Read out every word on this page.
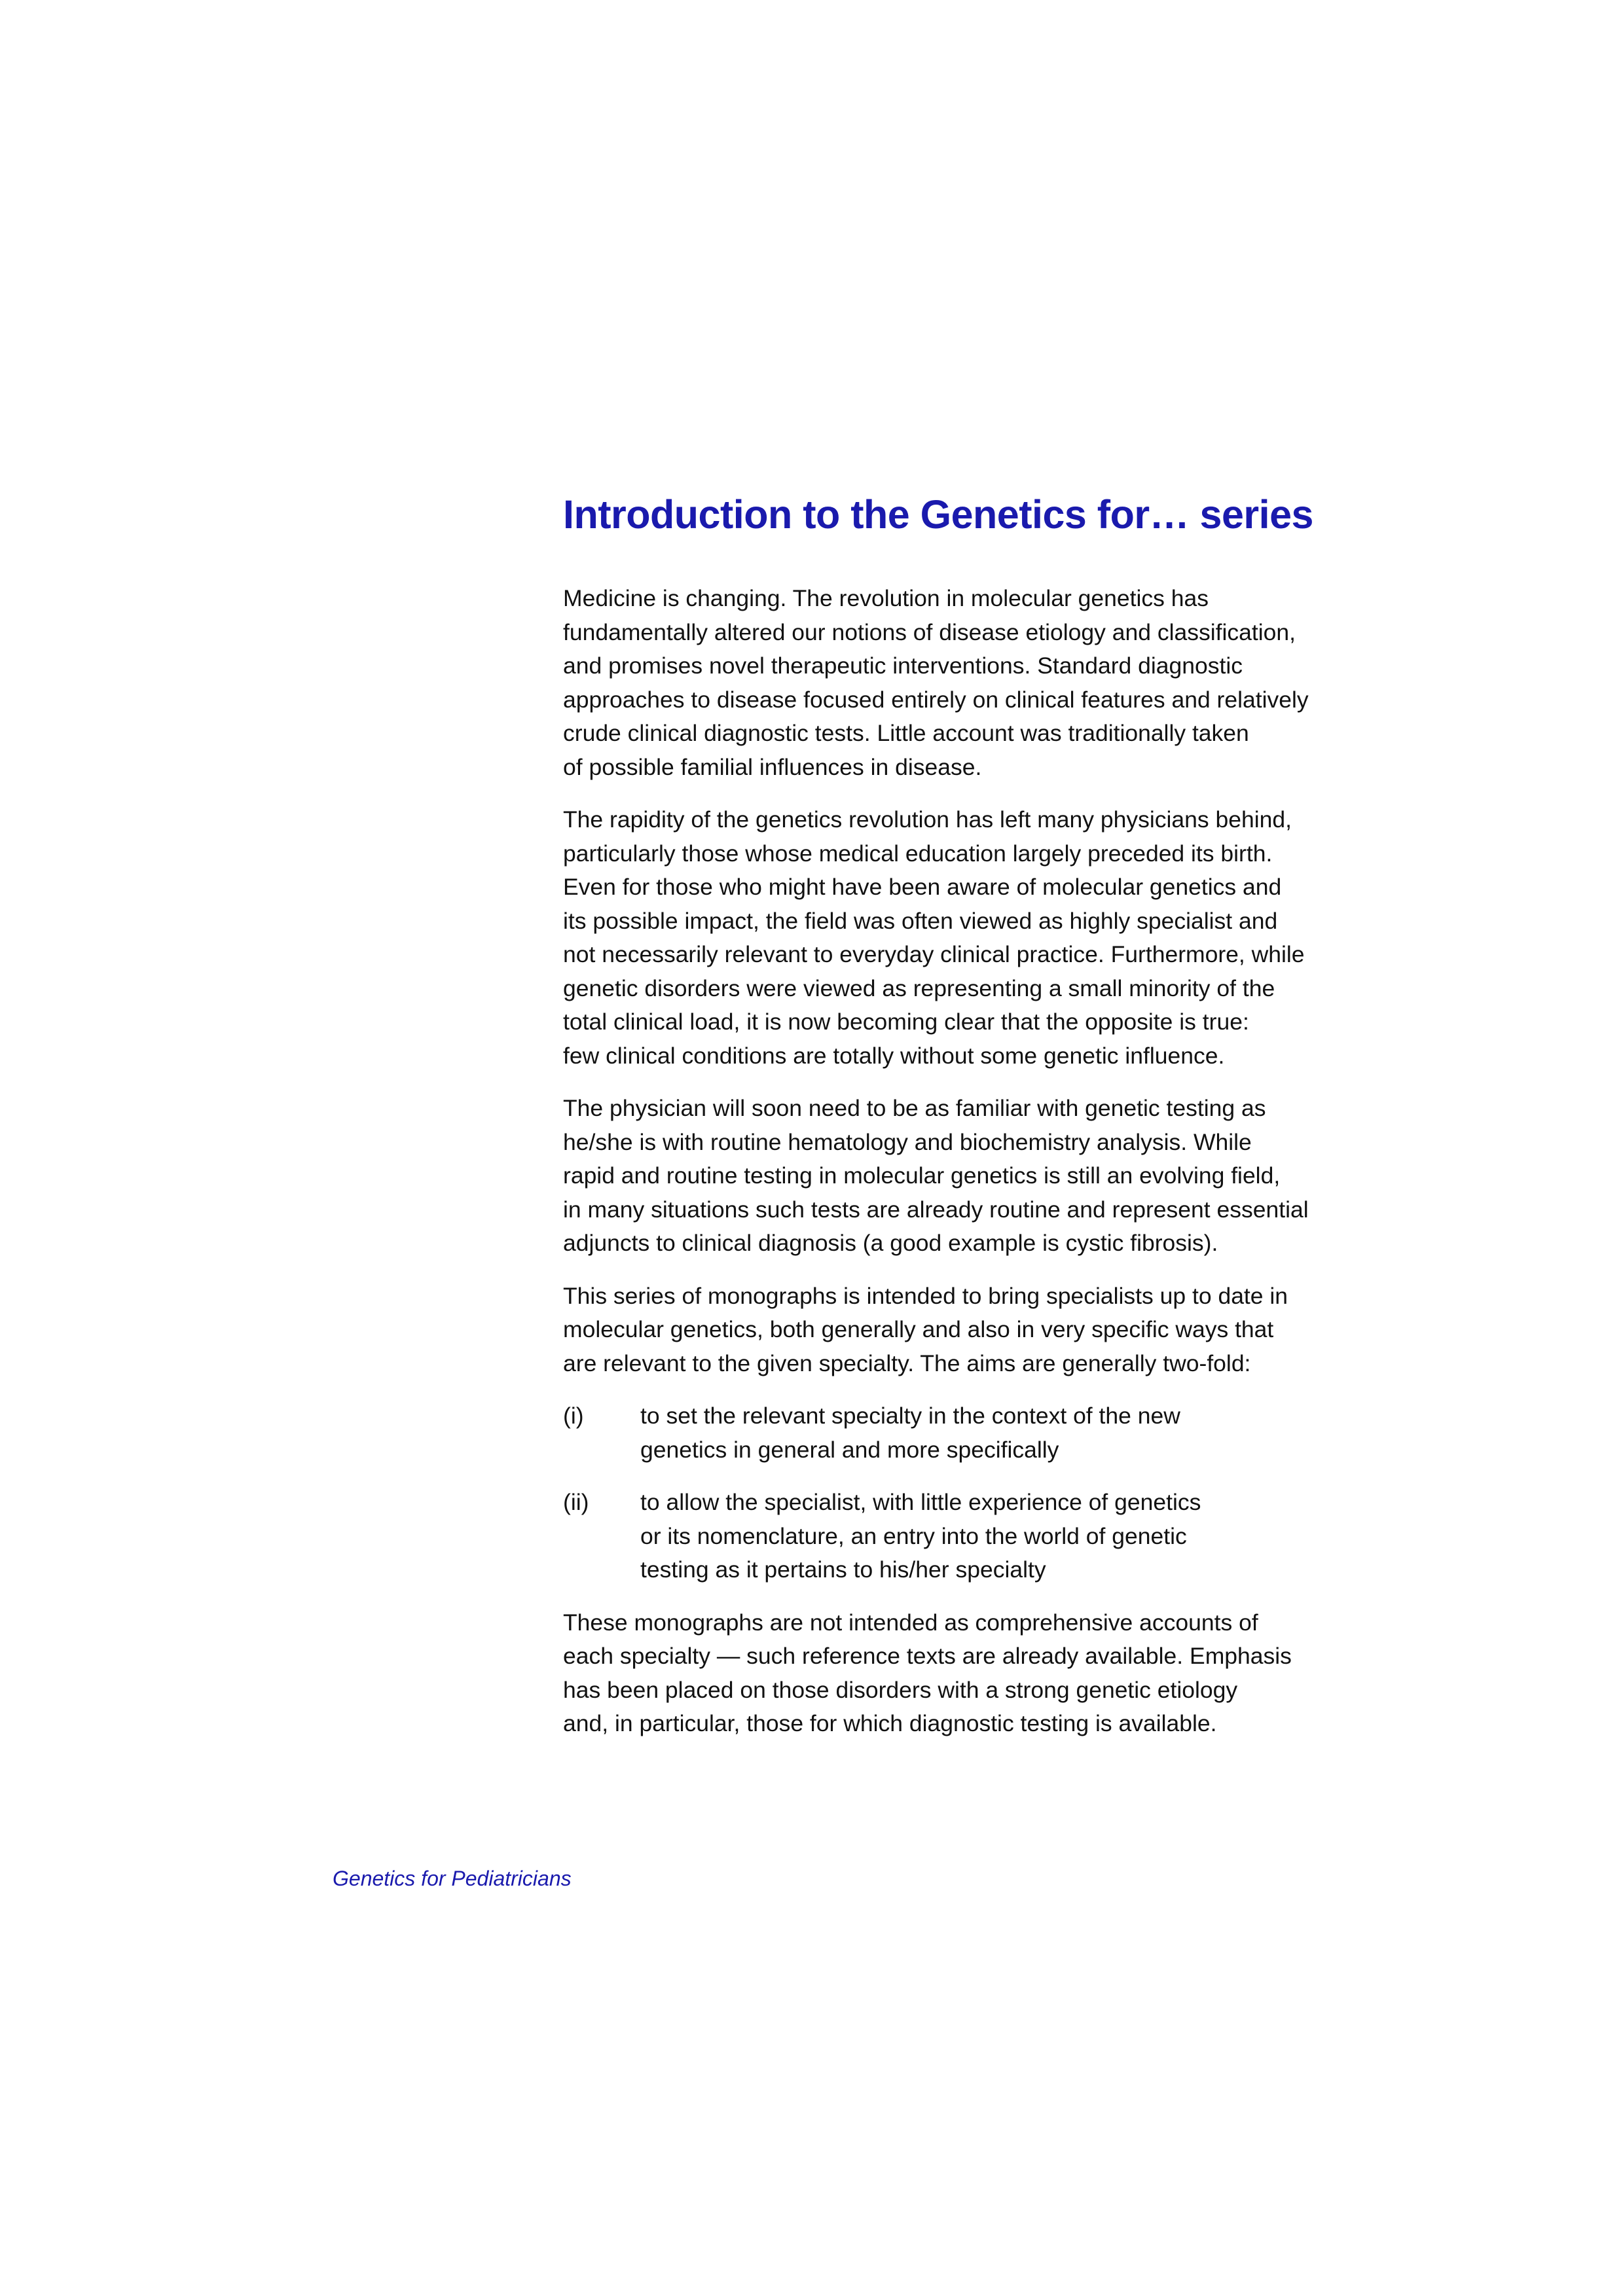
Introduction to the Genetics for… series
Medicine is changing. The revolution in molecular genetics has
fundamentally altered our notions of disease etiology and classification,
and promises novel therapeutic interventions. Standard diagnostic
approaches to disease focused entirely on clinical features and relatively
crude clinical diagnostic tests. Little account was traditionally taken
of possible familial influences in disease.
The rapidity of the genetics revolution has left many physicians behind,
particularly those whose medical education largely preceded its birth.
Even for those who might have been aware of molecular genetics and
its possible impact, the field was often viewed as highly specialist and
not necessarily relevant to everyday clinical practice. Furthermore, while
genetic disorders were viewed as representing a small minority of the
total clinical load, it is now becoming clear that the opposite is true:
few clinical conditions are totally without some genetic influence.
The physician will soon need to be as familiar with genetic testing as
he/she is with routine hematology and biochemistry analysis. While
rapid and routine testing in molecular genetics is still an evolving field,
in many situations such tests are already routine and represent essential
adjuncts to clinical diagnosis (a good example is cystic fibrosis).
This series of monographs is intended to bring specialists up to date in
molecular genetics, both generally and also in very specific ways that
are relevant to the given specialty. The aims are generally two-fold:
(i) to set the relevant specialty in the context of the new
genetics in general and more specifically
(ii) to allow the specialist, with little experience of genetics
or its nomenclature, an entry into the world of genetic
testing as it pertains to his/her specialty
These monographs are not intended as comprehensive accounts of
each specialty — such reference texts are already available. Emphasis
has been placed on those disorders with a strong genetic etiology
and, in particular, those for which diagnostic testing is available.
Genetics for Pediatricians
